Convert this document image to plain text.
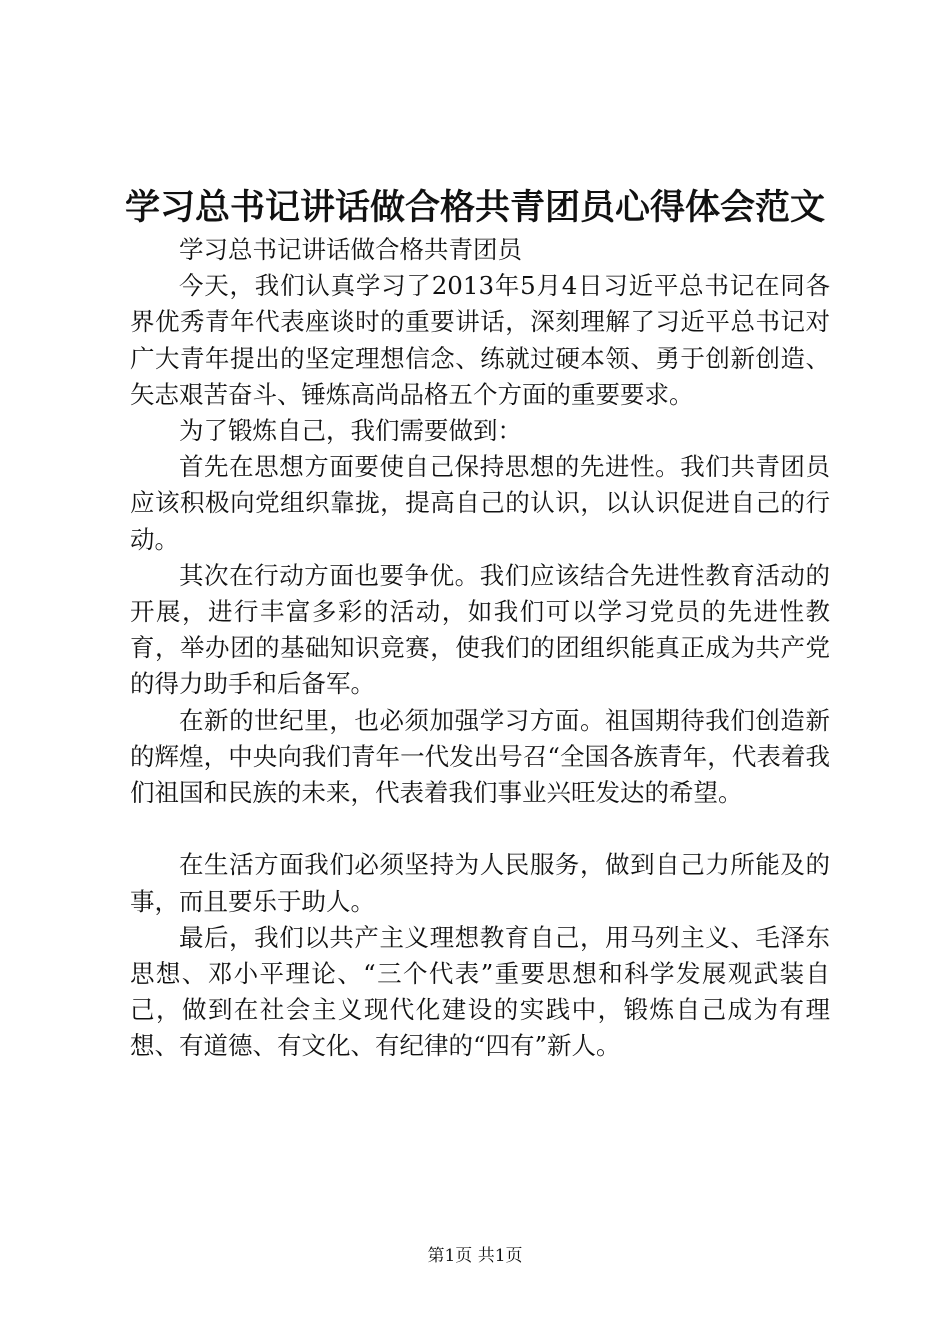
学习总书记讲话做合格共青团员心得体会范文

学习总书记讲话做合格共青团员

今天，我们认真学习了2013年5月4日习近平总书记在同各界优秀青年代表座谈时的重要讲话，深刻理解了习近平总书记对广大青年提出的坚定理想信念、练就过硬本领、勇于创新创造、矢志艰苦奋斗、锤炼高尚品格五个方面的重要要求。

为了锻炼自己，我们需要做到：

首先在思想方面要使自己保持思想的先进性。我们共青团员应该积极向党组织靠拢，提高自己的认识，以认识促进自己的行动。

其次在行动方面也要争优。我们应该结合先进性教育活动的开展，进行丰富多彩的活动，如我们可以学习党员的先进性教育，举办团的基础知识竞赛，使我们的团组织能真正成为共产党的得力助手和后备军。

在新的世纪里，也必须加强学习方面。祖国期待我们创造新的辉煌，中央向我们青年一代发出号召“全国各族青年，代表着我们祖国和民族的未来，代表着我们事业兴旺发达的希望。

在生活方面我们必须坚持为人民服务，做到自己力所能及的事，而且要乐于助人。

最后，我们以共产主义理想教育自己，用马列主义、毛泽东思想、邓小平理论、“三个代表”重要思想和科学发展观武装自己，做到在社会主义现代化建设的实践中，锻炼自己成为有理想、有道德、有文化、有纪律的“四有”新人。

第1页 共1页
